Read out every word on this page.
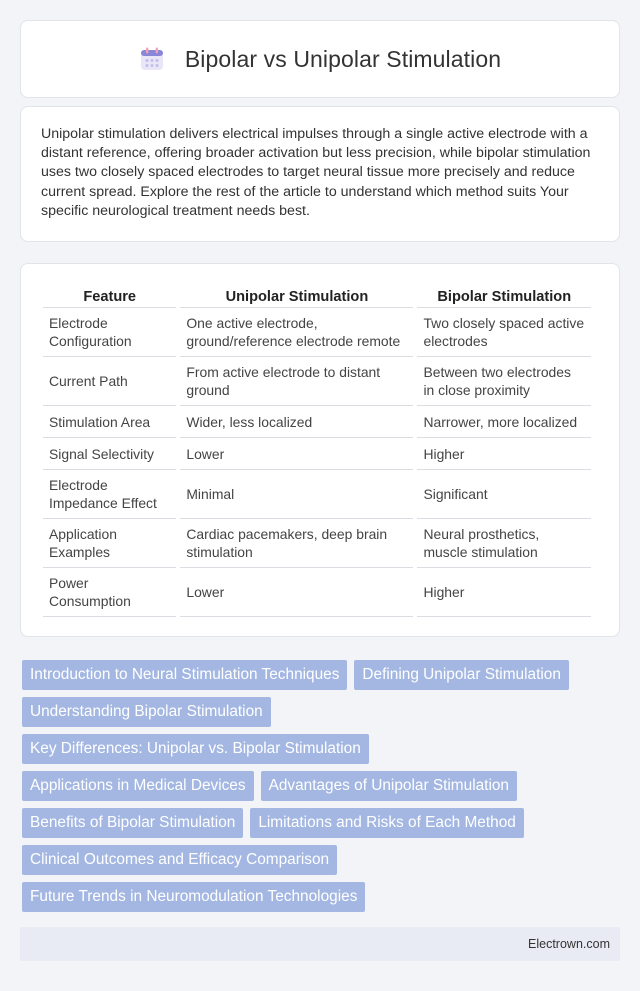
Bipolar vs Unipolar Stimulation

Unipolar stimulation delivers electrical impulses through a single active electrode with a distant reference, offering broader activation but less precision, while bipolar stimulation uses two closely spaced electrodes to target neural tissue more precisely and reduce current spread. Explore the rest of the article to understand which method suits Your specific neurological treatment needs best.

Feature	Unipolar Stimulation	Bipolar Stimulation
Electrode Configuration	One active electrode, ground/reference electrode remote	Two closely spaced active electrodes
Current Path	From active electrode to distant ground	Between two electrodes in close proximity
Stimulation Area	Wider, less localized	Narrower, more localized
Signal Selectivity	Lower	Higher
Electrode Impedance Effect	Minimal	Significant
Application Examples	Cardiac pacemakers, deep brain stimulation	Neural prosthetics, muscle stimulation
Power Consumption	Lower	Higher
Introduction to Neural Stimulation Techniques	Defining Unipolar Stimulation
Understanding Bipolar Stimulation
Key Differences: Unipolar vs. Bipolar Stimulation
Applications in Medical Devices	Advantages of Unipolar Stimulation
Benefits of Bipolar Stimulation	Limitations and Risks of Each Method
Clinical Outcomes and Efficacy Comparison
Future Trends in Neuromodulation Technologies
Electrown.com
